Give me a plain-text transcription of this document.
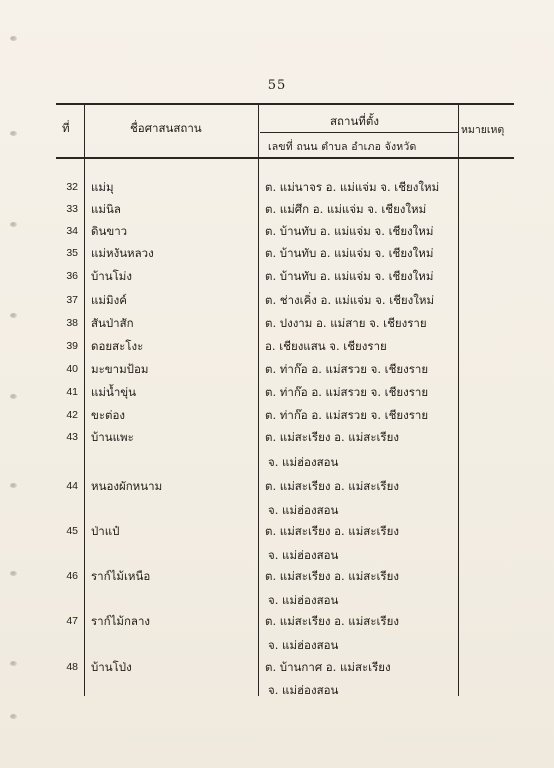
55
ที่	ชื่อศาสนสถาน	สถานที่ตั้ง
เลขที่ ถนน ตำบล อำเภอ จังหวัด
หมายเหตุ
32 แม่มุ	ต. แม่นาจร อ. แม่แจ่ม จ. เชียงใหม่
33 แม่นิล	ต. แม่ศึก อ. แม่แจ่ม จ. เชียงใหม่
34 ดินขาว	ต. บ้านทับ อ. แม่แจ่ม จ. เชียงใหม่
35 แม่หงันหลวง	ต. บ้านทับ อ. แม่แจ่ม จ. เชียงใหม่
36 บ้านโม่ง	ต. บ้านทับ อ. แม่แจ่ม จ. เชียงใหม่
37 แม่มิงค์	ต. ช่างเคิ่ง อ. แม่แจ่ม จ. เชียงใหม่
38 สันป่าสัก	ต. ปงงาม อ. แม่สาย จ. เชียงราย
39 ดอยสะโงะ	อ. เชียงแสน จ. เชียงราย
40 มะขามป้อม	ต. ท่าก๊อ อ. แม่สรวย จ. เชียงราย
41 แม่น้ำขุ่น	ต. ท่าก๊อ อ. แม่สรวย จ. เชียงราย
42 ขะต่อง	ต. ท่าก๊อ อ. แม่สรวย จ. เชียงราย
43 บ้านแพะ	ต. แม่สะเรียง อ. แม่สะเรียง
จ. แม่ฮ่องสอน
44 หนองผักหนาม	ต. แม่สะเรียง อ. แม่สะเรียง
จ. แม่ฮ่องสอน
45 ป่าแป๋	ต. แม่สะเรียง อ. แม่สะเรียง
จ. แม่ฮ่องสอน
46 ราก์ไม้เหนือ	ต. แม่สะเรียง อ. แม่สะเรียง
จ. แม่ฮ่องสอน
47 ราก์ไม้กลาง	ต. แม่สะเรียง อ. แม่สะเรียง
จ. แม่ฮ่องสอน
48 บ้านโป่ง	ต. บ้านกาศ อ. แม่สะเรียง
จ. แม่ฮ่องสอน
